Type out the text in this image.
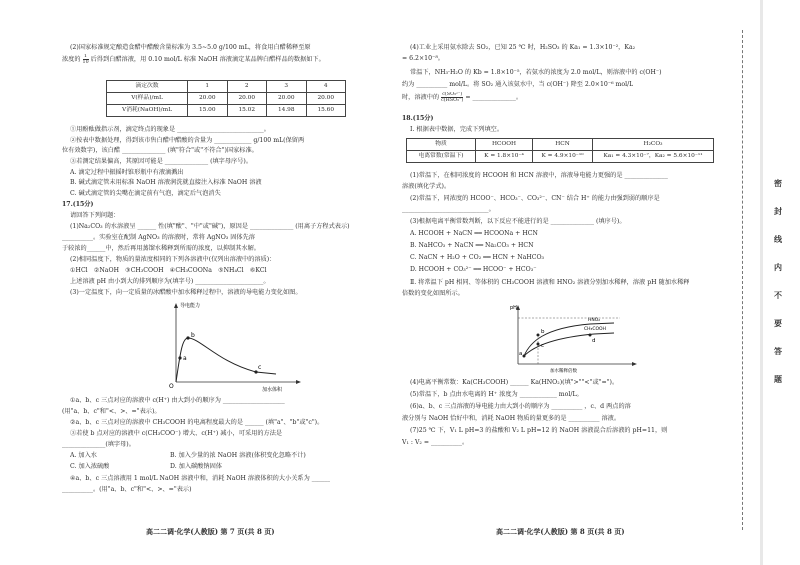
(2)国家标准规定酿造食醋中醋酸含量标准为 3.5~5.0 g/100 mL，将食用白醋稀释至原
浓度的 $\frac{1}{10}$ 后得到白醋溶液，用 0.10 mol/L 标准 NaOH 溶液滴定某品牌白醋样品的数据如下。
滴定次数	1	2	3	4
V(样品)/mL	20.00	20.00	20.00	20.00
V消耗(NaOH)/mL	15.00	15.02	14.98	15.60
①用酚酞做指示剂，滴定终点的现象是 ____________________________。
②按表中数据处理，得到该市售白醋中醋酸的含量为 ____________ g/100 mL(保留两
位有效数字)，该白醋 ______________ (填"符合"或"不符合")国家标准。
③若测定结果偏高，其原因可能是 ______________ (填字母序号)。
A. 滴定过程中振摇时锥形瓶中有液滴溅出
B. 碱式滴定管未用标准 NaOH 溶液润洗就直接注入标准 NaOH 溶液
C. 碱式滴定管的尖嘴在滴定前有气泡，滴定后气泡消失
17.(15分)
请回答下列问题：
(1)Na₂CO₃ 的水溶液呈 ______ 性(填"酸"、"中"或"碱")，原因是 ______________ (用离子方程式表示)
__________。实验室在配制 AgNO₃ 的溶液时，常将 AgNO₃ 固体先溶
于较浓的______中，然后再用蒸馏水稀释到所需的浓度，以抑制其水解。
(2)相同温度下，物质的量浓度相同的下列各溶液中(仅列出溶液中的溶质)：
①HCl　②NaOH　③CH₃COOH　④CH₃COONa　⑤NH₄Cl　⑥KCl
上述溶液 pH 由小到大的排列顺序为(填字号) ______________________。
(3)一定温度下，向一定质量的冰醋酸中加水稀释过程中，溶液的导电能力变化如图。
a
b
c
O
导电能力
加水体积
①a、b、c 三点对应的溶液中 c(H⁺) 由大到小的顺序为 ____________________
(用"a、b、c"和"<、>、="表示)。
②a、b、c 三点对应的溶液中 CH₃COOH 的电离程度最大的是 ______ (填"a"、"b"或"c")。
③若使 b 点对应的溶液中 c(CH₃COO⁻) 增大、c(H⁺) 减小，可采用的方法是
______________(填字母)。
A. 加入水	B. 加入少量的浓 NaOH 溶液(体积变化忽略不计)
C. 加入浓硫酸	D. 加入碳酸钠固体
④a、b、c 三点溶液用 1 mol/L NaOH 溶液中和，消耗 NaOH 溶液体积的大小关系为 ______
__________。(用"a、b、c"和"<、>、="表示)
高二二调·化学(人教版) 第 7 页(共 8 页)
(4)工业上采用氨水除去 SO₂，已知 25 ℃ 时，H₂SO₃ 的 Ka₁ = 1.3×10⁻²，Ka₂
= 6.2×10⁻⁸。
常温下，NH₃·H₂O 的 Kb = 1.8×10⁻⁵，若氨水的浓度为 2.0 mol/L，则溶液中的 c(OH⁻)
约为 __________ mol/L。将 SO₂ 通入该氨水中，当 c(OH⁻) 降至 2.0×10⁻⁶ mol/L
时，溶液中的 $\frac{\text{c(SO₃²⁻)}}{\text{c(HSO₃⁻)}}$ = ______________。
18.(15分)
Ⅰ. 根据表中数据，完成下列填空。
物质	HCOOH	HCN	H₂CO₃
电离常数(常温下)	K = 1.8×10⁻⁴	K = 4.9×10⁻¹⁰	Ka₁ = 4.3×10⁻⁷，Ka₂ = 5.6×10⁻¹¹
(1)常温下，在相同浓度的 HCOOH 和 HCN 溶液中，溶液导电能力更强的是 ______________
溶液(填化学式)。
(2)常温下，同浓度的 HCOO⁻、HCO₃⁻、CO₃²⁻、CN⁻ 结合 H⁺ 的能力由强到弱的顺序是
____________________________。
(3)根据电离平衡常数判断，以下反应不能进行的是 ______________ (填序号)。
A. HCOOH + NaCN ══ HCOONa + HCN
B. NaHCO₃ + NaCN ══ Na₂CO₃ + HCN
C. NaCN + H₂O + CO₂ ══ HCN + NaHCO₃
D. HCOOH + CO₃²⁻ ══ HCOO⁻ + HCO₃⁻
Ⅱ. 将常温下 pH 相同、等体积的 CH₃COOH 溶液和 HNO₂ 溶液分别加水稀释，溶液 pH 随加水稀释
倍数的变化如图所示。
a
b
c
d
HNO₂
CH₃COOH
pH
加水稀释倍数
(4)电离平衡常数：Ka(CH₃COOH) ______ Ka(HNO₂)(填">""<"或"=")。
(5)常温下，b 点由水电离的 H⁺ 浓度为 ____________ mol/L。
(6)a、b、c 三点溶液的导电能力由大到小的顺序为 __________ ，c、d 两点的溶
液分别与 NaOH 恰好中和，消耗 NaOH 物质的量更多的是 __________ 溶液。
(7)25 ℃ 下，V₁ L pH=3 的盐酸和 V₂ L pH=12 的 NaOH 溶液混合后溶液的 pH=11，则
V₁ : V₂ = __________。
高二二调·化学(人教版) 第 8 页(共 8 页)
密
封
线
内
不
要
答
题
